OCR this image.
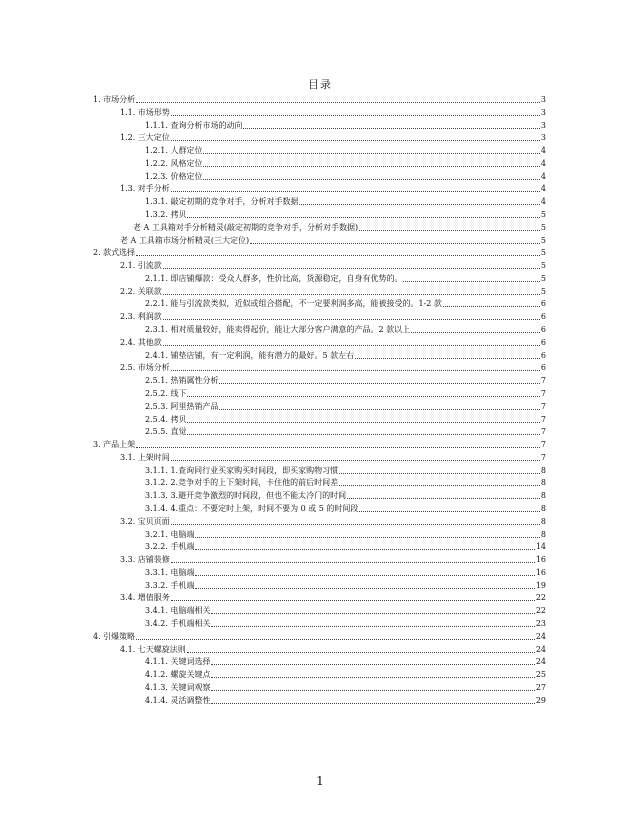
目录
1. 市场分析	3
1.1. 市场形势	3
1.1.1. 查询分析市场的动向	3
1.2. 三大定位	3
1.2.1. 人群定位	4
1.2.2. 风格定位	4
1.2.3. 价格定位	4
1.3. 对手分析	4
1.3.1. 敲定初期的竞争对手，分析对手数据	4
1.3.2. 拷贝	5
老 A 工具箱对手分析精灵(敲定初期的竞争对手，分析对手数据)	5
老 A 工具箱市场分析精灵(三大定位)	5
2. 款式选择	5
2.1. 引流款	5
2.1.1. 即店铺爆款：受众人群多，性价比高，货源稳定，自身有优势的。	5
2.2. 关联款	5
2.2.1. 能与引流款类似，近似或组合搭配，不一定要利润多高，能被接受的。1-2 款	6
2.3. 利润款	6
2.3.1. 相对质量较好，能卖得起价，能让大部分客户满意的产品。2 款以上	6
2.4. 其他款	6
2.4.1. 铺垫店铺，有一定利润，能有潜力的最好。5 款左右	6
2.5. 市场分析	6
2.5.1. 热销属性分析	7
2.5.2. 线下	7
2.5.3. 阿里热销产品	7
2.5.4. 拷贝	7
2.5.5. 直觉	7
3. 产品上架	7
3.1. 上架时间	7
3.1.1. 1.查询同行业买家购买时间段，即买家购物习惯	8
3.1.2. 2.竞争对手的上下架时间，卡住他的前后时间差	8
3.1.3. 3.避开竞争激烈的时间段，但也不能太冷门的时间	8
3.1.4. 4.重点：不要定时上架，时间不要为 0 或 5 的时间段	8
3.2. 宝贝页面	8
3.2.1. 电脑端	8
3.2.2. 手机端	14
3.3. 店铺装修	16
3.3.1. 电脑端	16
3.3.2. 手机端	19
3.4. 增值服务	22
3.4.1. 电脑端相关	22
3.4.2. 手机端相关	23
4. 引爆策略	24
4.1. 七天螺旋法则	24
4.1.1. 关键词选择	24
4.1.2. 螺旋关键点	25
4.1.3. 关键词观察	27
4.1.4. 灵活调整性	29
1
